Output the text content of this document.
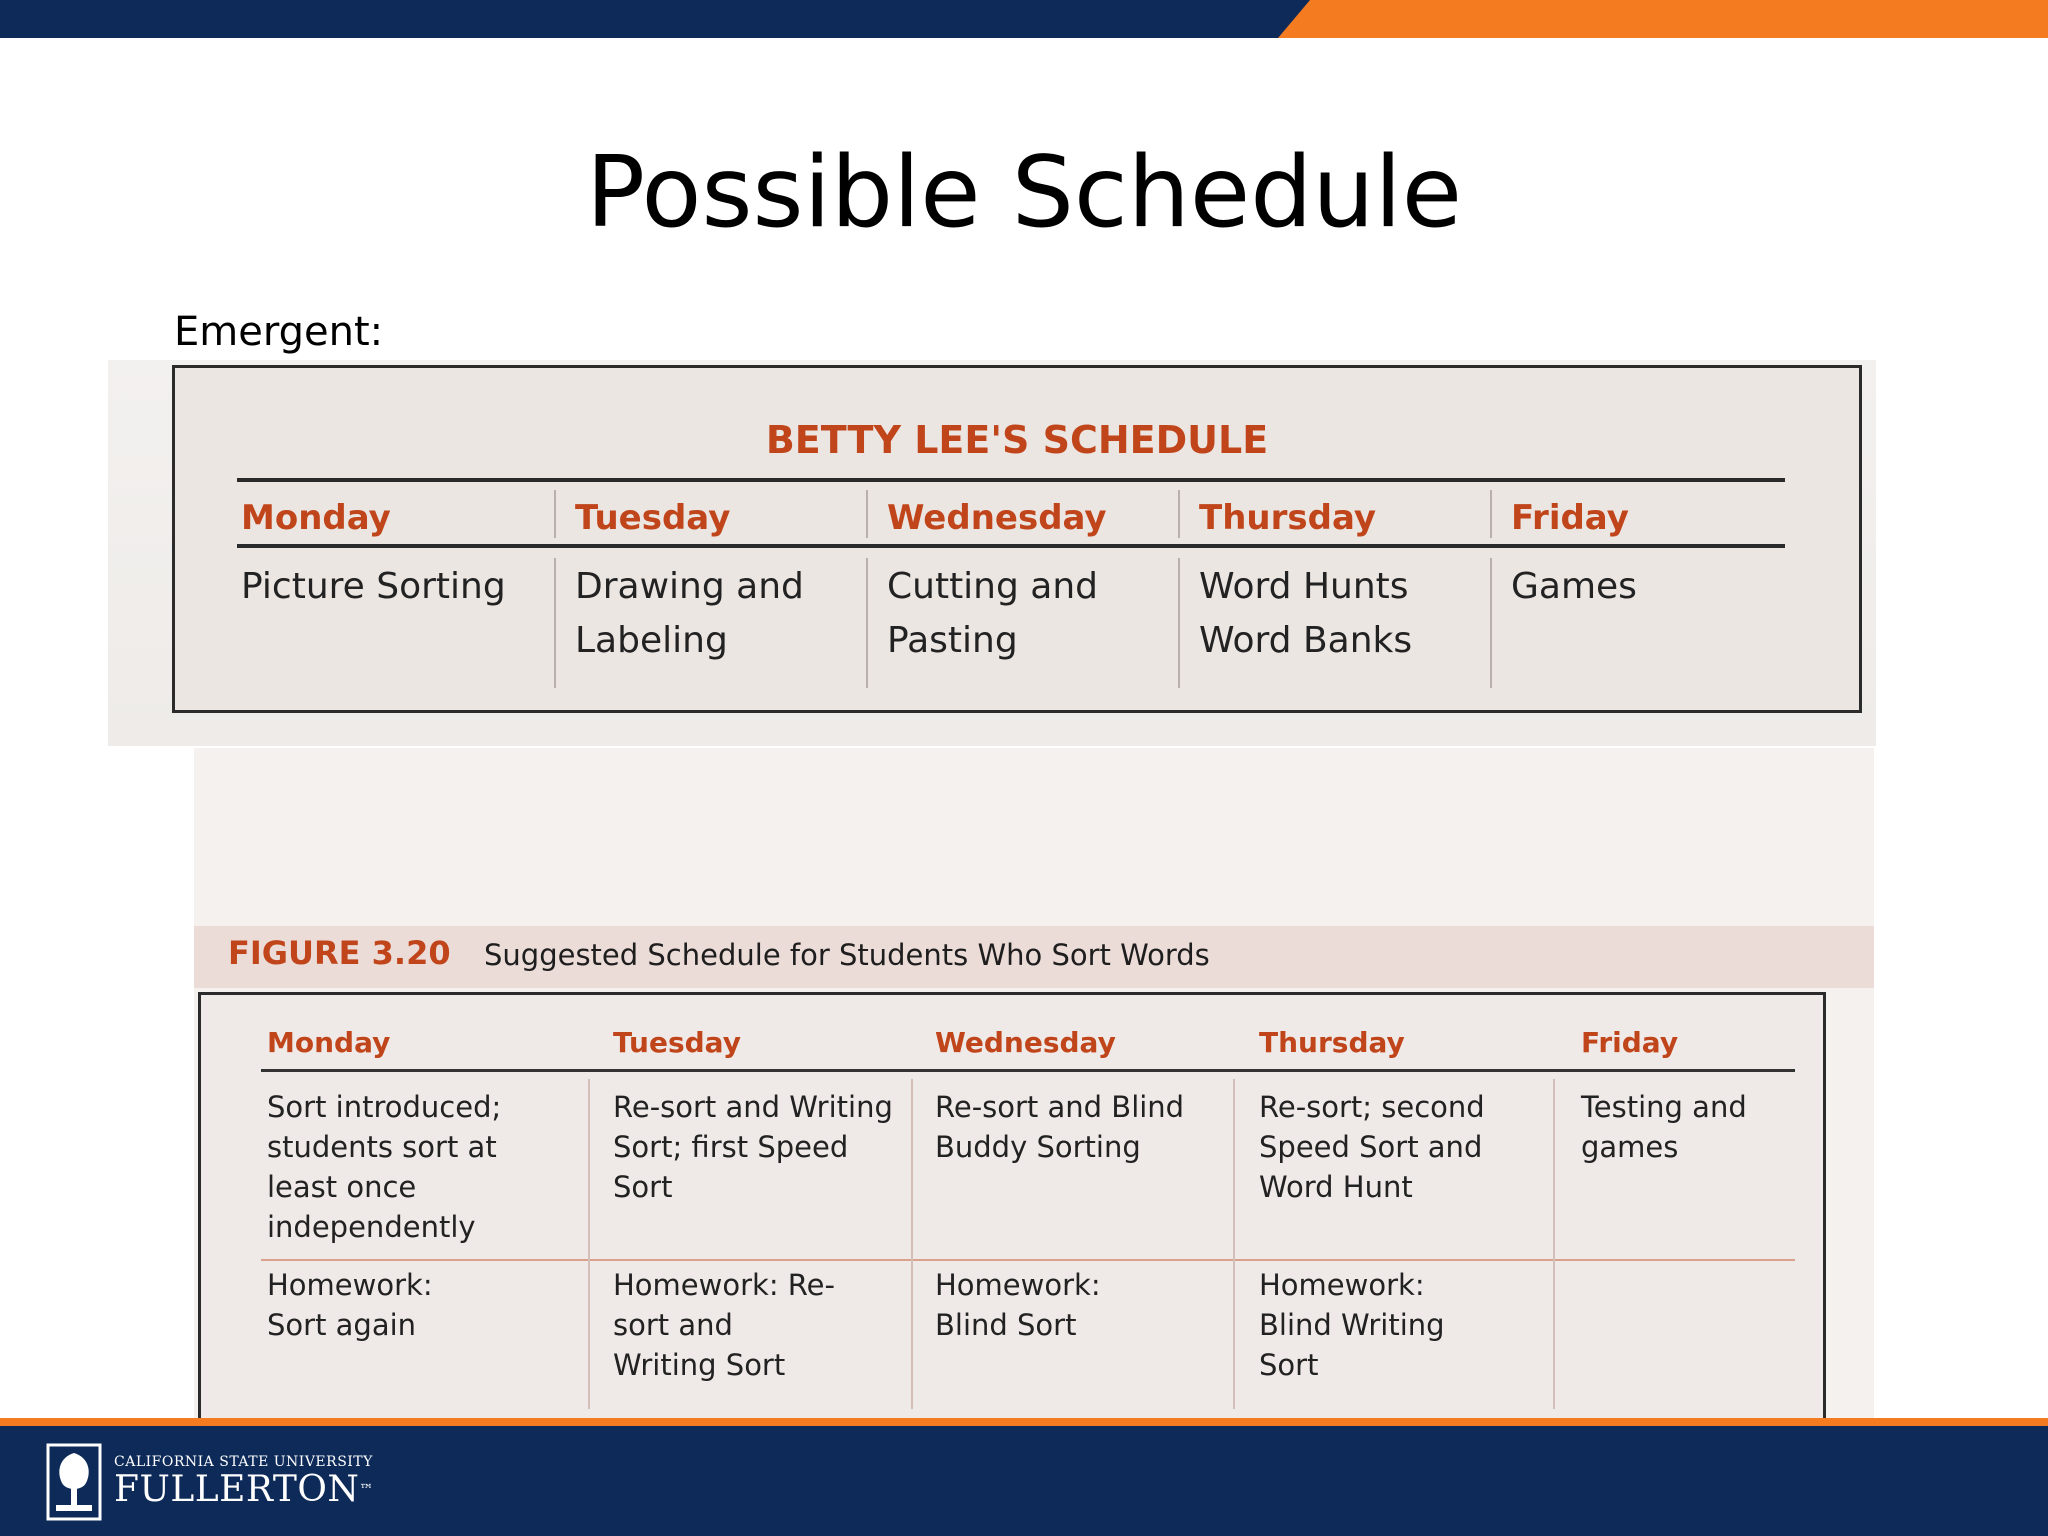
Possible Schedule
Emergent:
BETTY LEE'S SCHEDULE
Monday
Picture Sorting
Tuesday
Drawing and Labeling
Wednesday
Cutting and Pasting
Thursday
Word Hunts Word Banks
Friday
Games
FIGURE 3.20 Suggested Schedule for Students Who Sort Words
Monday
Sort introduced; students sort at least once independently
Homework: Sort again
Tuesday
Re-sort and Writing Sort; first Speed Sort
Homework: Re-sort and Writing Sort
Wednesday
Re-sort and Blind Buddy Sorting
Homework: Blind Sort
Thursday
Re-sort; second Speed Sort and Word Hunt
Homework: Blind Writing Sort
Friday
Testing and games
CALIFORNIA STATE UNIVERSITY
FULLERTON™
